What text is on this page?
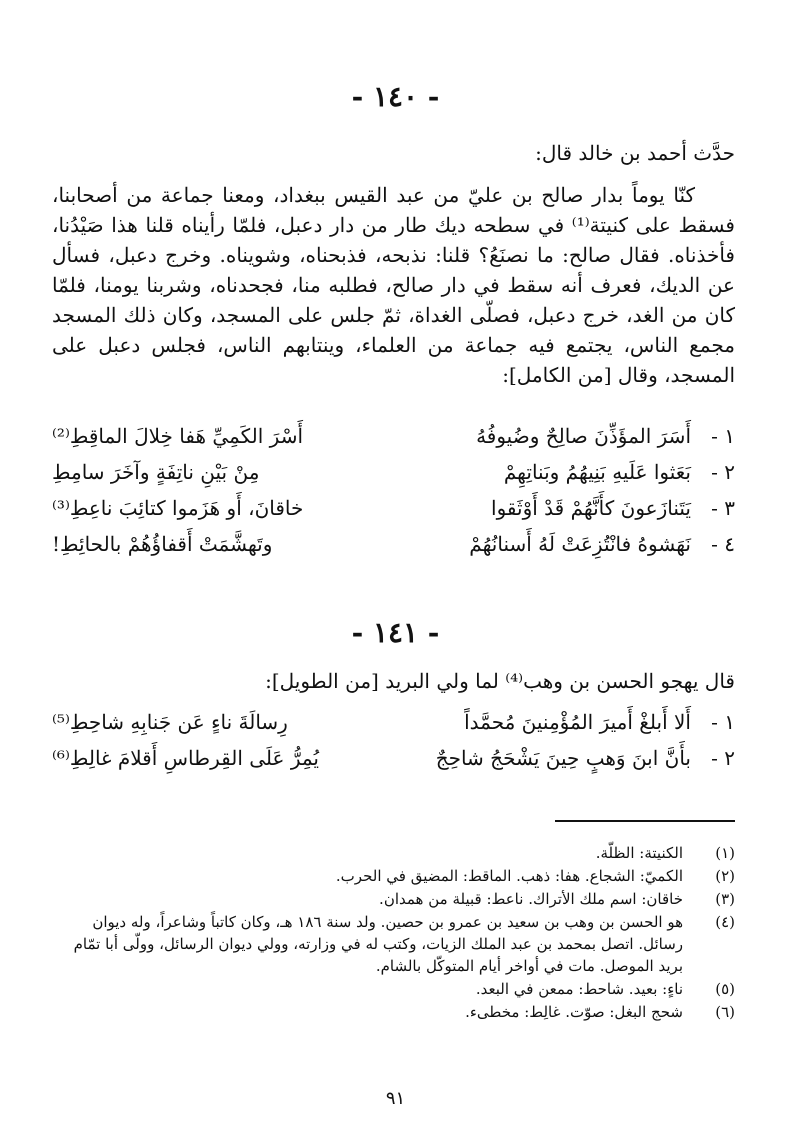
- ١٤٠ -
حدَّث أحمد بن خالد قال:

كنّا يوماً بدار صالح بن عليّ من عبد القيس ببغداد، ومعنا جماعة من أصحابنا، فسقط على كنيتة⁽¹⁾ في سطحه ديك طار من دار دعبل، فلمّا رأيناه قلنا هذا صَيْدُنا، فأخذناه. فقال صالح: ما نصنَعُ؟ قلنا: نذبحه، فذبحناه، وشويناه. وخرج دعبل، فسأل عن الديك، فعرف أنه سقط في دار صالح، فطلبه منا، فجحدناه، وشربنا يومنا، فلمّا كان من الغد، خرج دعبل، فصلّى الغداة، ثمّ جلس على المسجد، وكان ذلك المسجد مجمع الناس، يجتمع فيه جماعة من العلماء، وينتابهم الناس، فجلس دعبل على المسجد، وقال [من الكامل]:

١ -
أَسَرَ المؤَذِّنَ صالِحٌ وضُيوفُهُ
أَسْرَ الكَمِيِّ هَفا خِلالَ الماقِطِ⁽²⁾
٢ -
بَعَثوا عَلَيهِ بَنِيهُمُ وبَناتِهِمْ
مِنْ بَيْنِ ناتِفَةٍ وآخَرَ سامِطِ
٣ -
يَتَنازَعونَ كأَنَّهُمْ قَدْ أَوْثَقوا
خاقانَ، أَو هَزَموا كتائِبَ ناعِطِ⁽³⁾
٤ -
نَهَشوهُ فانْتُزِعَتْ لَهُ أَسنانُهُمْ
وتَهشَّمَتْ أَقفاؤُهُمْ بالحائِطِ!
- ١٤١ -
قال يهجو الحسن بن وهب⁽⁴⁾ لما ولي البريد [من الطويل]:
١ -
أَلا أَبلغْ أَميرَ المُؤْمِنينَ مُحمَّداً
رِسالَةَ ناءٍ عَن جَنابِهِ شاحِطِ⁽⁵⁾
٢ -
بأَنَّ ابنَ وَهبٍ حِينَ يَشْحَجُ شاحِجٌ
يُمِرُّ عَلَى القِرطاسِ أَقلامَ غالِطِ⁽⁶⁾
(١)
الكنيتة: الظلّة.
(٢)
الكميّ: الشجاع. هفا: ذهب. الماقط: المضيق في الحرب.
(٣)
خاقان: اسم ملك الأتراك. ناعط: قبيلة من همدان.
(٤)
هو الحسن بن وهب بن سعيد بن عمرو بن حصين. ولد سنة ١٨٦ هـ، وكان كاتباً وشاعراً، وله ديوان رسائل. اتصل بمحمد بن عبد الملك الزيات، وكتب له في وزارته، وولي ديوان الرسائل، وولّى أبا تمّام بريد الموصل. مات في أواخر أيام المتوكّل بالشام.
(٥)
ناءٍ: بعيد. شاحط: ممعن في البعد.
(٦)
شحج البغل: صوّت. غالِط: مخطىء.
٩١
